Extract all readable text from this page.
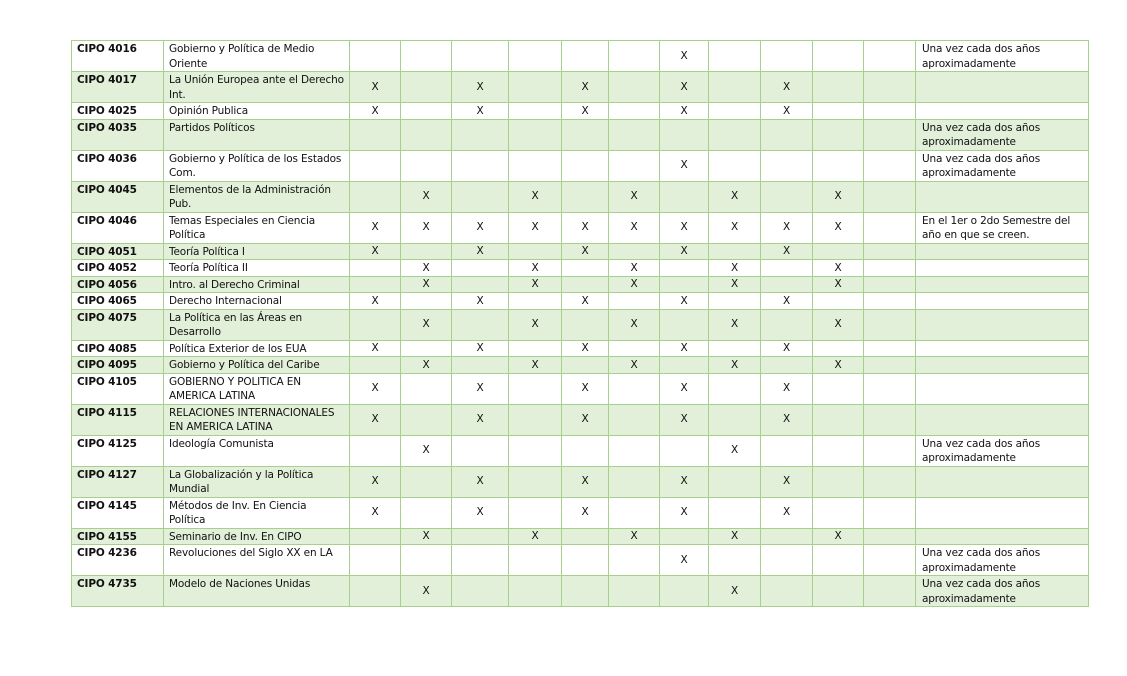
CIPO 4016	Gobierno y Política de Medio Oriente							X					Una vez cada dos años aproximadamente
CIPO 4017	La Unión Europea ante el Derecho Int.	X		X		X		X		X			
CIPO 4025	Opinión Publica	X		X		X		X		X			
CIPO 4035	Partidos Políticos												Una vez cada dos años aproximadamente
CIPO 4036	Gobierno y Política de los Estados Com.							X					Una vez cada dos años aproximadamente
CIPO 4045	Elementos de la Administración Pub.		X		X		X		X		X		
CIPO 4046	Temas Especiales en Ciencia Política	X	X	X	X	X	X	X	X	X	X		En el 1er o 2do Semestre del año en que se creen.
CIPO 4051	Teoría Política I	X		X		X		X		X			
CIPO 4052	Teoría Política II		X		X		X		X		X		
CIPO 4056	Intro. al Derecho Criminal		X		X		X		X		X		
CIPO 4065	Derecho Internacional	X		X		X		X		X			
CIPO 4075	La Política en las Áreas en Desarrollo		X		X		X		X		X		
CIPO 4085	Política Exterior de los EUA	X		X		X		X		X			
CIPO 4095	Gobierno y Política del Caribe		X		X		X		X		X		
CIPO 4105	GOBIERNO Y POLITICA EN AMERICA LATINA	X		X		X		X		X			
CIPO 4115	RELACIONES INTERNACIONALES EN AMERICA LATINA	X		X		X		X		X			
CIPO 4125	Ideología Comunista		X						X				Una vez cada dos años aproximadamente
CIPO 4127	La Globalización y la Política Mundial	X		X		X		X		X			
CIPO 4145	Métodos de Inv. En Ciencia Política	X		X		X		X		X			
CIPO 4155	Seminario de Inv. En CIPO		X		X		X		X		X		
CIPO 4236	Revoluciones del Siglo XX en LA							X					Una vez cada dos años aproximadamente
CIPO 4735	Modelo de Naciones Unidas		X						X				Una vez cada dos años aproximadamente
